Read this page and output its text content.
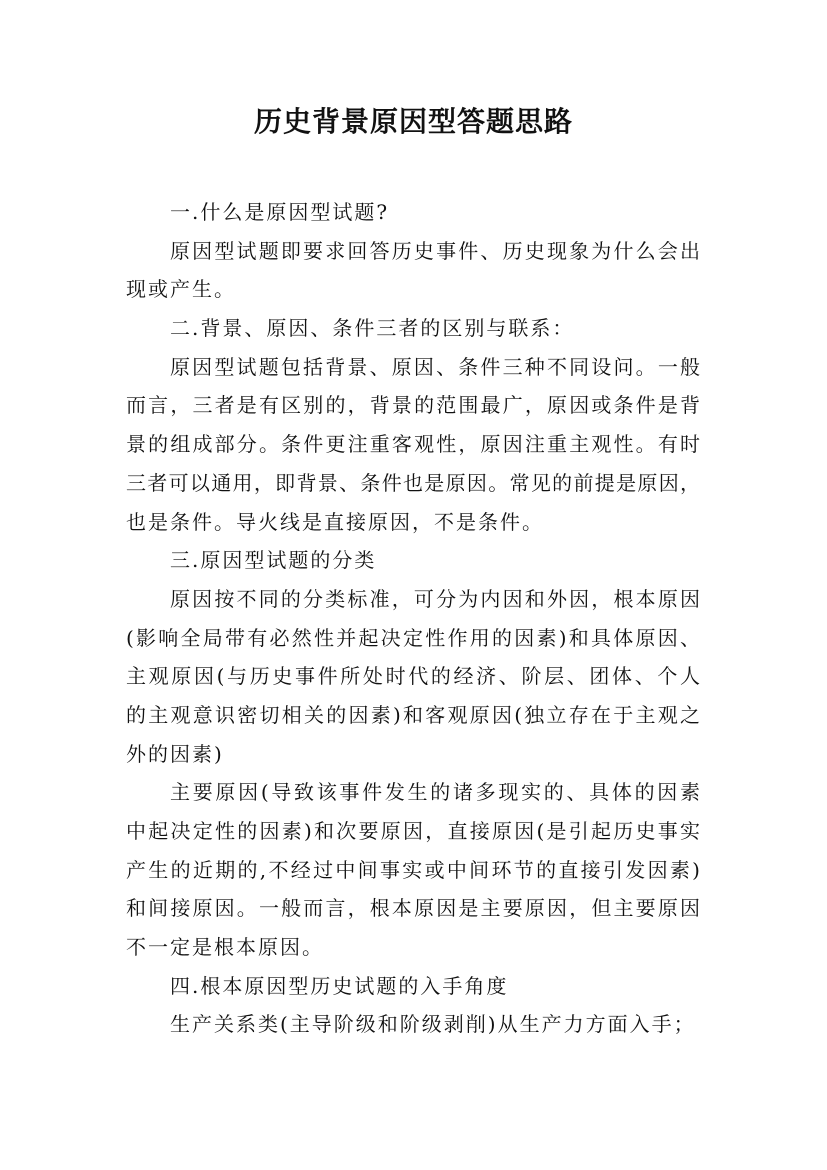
历史背景原因型答题思路

一.什么是原因型试题?

原因型试题即要求回答历史事件、历史现象为什么会出
现或产生。

二.背景、原因、条件三者的区别与联系：

原因型试题包括背景、原因、条件三种不同设问。一般
而言，三者是有区别的，背景的范围最广，原因或条件是背
景的组成部分。条件更注重客观性，原因注重主观性。有时
三者可以通用，即背景、条件也是原因。常见的前提是原因，
也是条件。导火线是直接原因，不是条件。

三.原因型试题的分类

原因按不同的分类标准，可分为内因和外因，根本原因
(影响全局带有必然性并起决定性作用的因素)和具体原因、
主观原因(与历史事件所处时代的经济、阶层、团体、个人
的主观意识密切相关的因素)和客观原因(独立存在于主观之
外的因素)

主要原因(导致该事件发生的诸多现实的、具体的因素
中起决定性的因素)和次要原因，直接原因(是引起历史事实
产生的近期的,不经过中间事实或中间环节的直接引发因素)
和间接原因。一般而言，根本原因是主要原因，但主要原因
不一定是根本原因。

四.根本原因型历史试题的入手角度

生产关系类(主导阶级和阶级剥削)从生产力方面入手；
